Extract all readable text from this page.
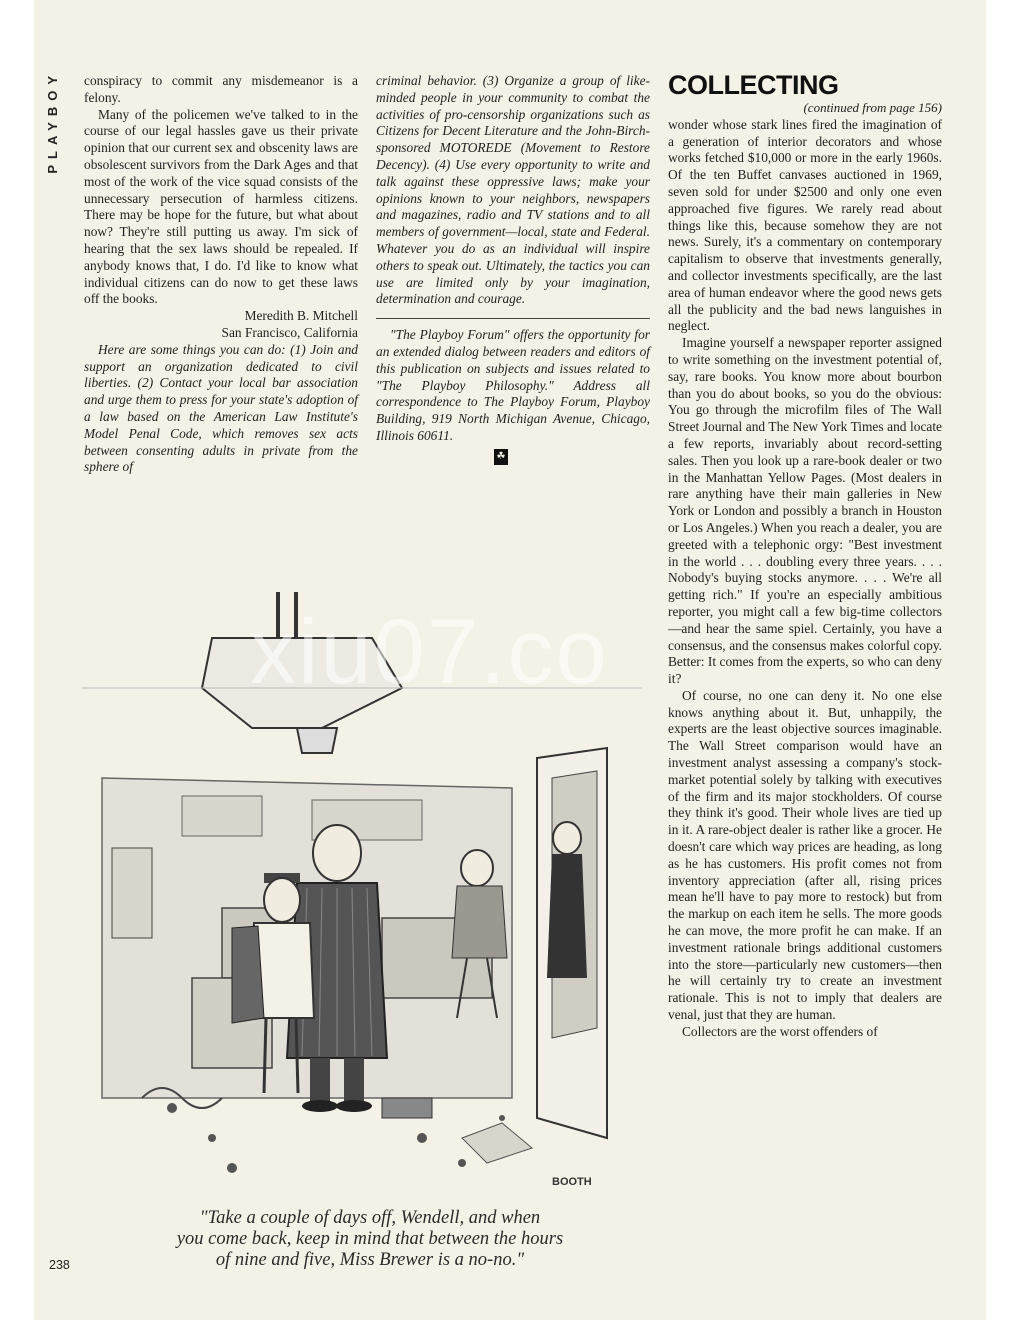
PLAYBOY	conspiracy to commit any misdemeanor is a felony.

Many of the policemen we've talked to in the course of our legal hassles gave us their private opinion that our current sex and obscenity laws are obsolescent survivors from the Dark Ages and that most of the work of the vice squad consists of the unnecessary persecution of harmless citizens. There may be hope for the future, but what about now? They're still putting us away. I'm sick of hearing that the sex laws should be repealed. If anybody knows that, I do. I'd like to know what individual citizens can do now to get these laws off the books.

Meredith B. Mitchell

San Francisco, California

Here are some things you can do: (1) Join and support an organization dedicated to civil liberties. (2) Contact your local bar association and urge them to press for your state's adoption of a law based on the American Law Institute's Model Penal Code, which removes sex acts between consenting adults in private from the sphere of

criminal behavior. (3) Organize a group of like-minded people in your community to combat the activities of pro-censorship organizations such as Citizens for Decent Literature and the John-Birch-sponsored MOTOREDE (Movement to Restore Decency). (4) Use every opportunity to write and talk against these oppressive laws; make your opinions known to your neighbors, newspapers and magazines, radio and TV stations and to all members of government—local, state and Federal. Whatever you do as an individual will inspire others to speak out. Ultimately, the tactics you can use are limited only by your imagination, determination and courage.

"The Playboy Forum" offers the opportunity for an extended dialog between readers and editors of this publication on subjects and issues related to "The Playboy Philosophy." Address all correspondence to The Playboy Forum, Playboy Building, 919 North Michigan Avenue, Chicago, Illinois 60611.

☘

COLLECTING

(continued from page 156)

wonder whose stark lines fired the imagination of a generation of interior decorators and whose works fetched $10,000 or more in the early 1960s. Of the ten Buffet canvases auctioned in 1969, seven sold for under $2500 and only one even approached five figures. We rarely read about things like this, because somehow they are not news. Surely, it's a commentary on contemporary capitalism to observe that investments generally, and collector investments specifically, are the last area of human endeavor where the good news gets all the publicity and the bad news languishes in neglect.

Imagine yourself a newspaper reporter assigned to write something on the investment potential of, say, rare books. You know more about bourbon than you do about books, so you do the obvious: You go through the microfilm files of The Wall Street Journal and The New York Times and locate a few reports, invariably about record-setting sales. Then you look up a rare-book dealer or two in the Manhattan Yellow Pages. (Most dealers in rare anything have their main galleries in New York or London and possibly a branch in Houston or Los Angeles.) When you reach a dealer, you are greeted with a telephonic orgy: "Best investment in the world . . . doubling every three years. . . . Nobody's buying stocks anymore. . . . We're all getting rich." If you're an especially ambitious reporter, you might call a few big-time collectors—and hear the same spiel. Certainly, you have a consensus, and the consensus makes colorful copy. Better: It comes from the experts, so who can deny it?

Of course, no one can deny it. No one else knows anything about it. But, unhappily, the experts are the least objective sources imaginable. The Wall Street comparison would have an investment analyst assessing a company's stock-market potential solely by talking with executives of the firm and its major stockholders. Of course they think it's good. Their whole lives are tied up in it. A rare-object dealer is rather like a grocer. He doesn't care which way prices are heading, as long as he has customers. His profit comes not from inventory appreciation (after all, rising prices mean he'll have to pay more to restock) but from the markup on each item he sells. The more goods he can move, the more profit he can make. If an investment rationale brings additional customers into the store—particularly new customers—then he will certainly try to create an investment rationale. This is not to imply that dealers are venal, just that they are human.

Collectors are the worst offenders of

BOOTH
xiu07.co
"Take a couple of days off, Wendell, and when
you come back, keep in mind that between the hours
of nine and five, Miss Brewer is a no-no."
238
